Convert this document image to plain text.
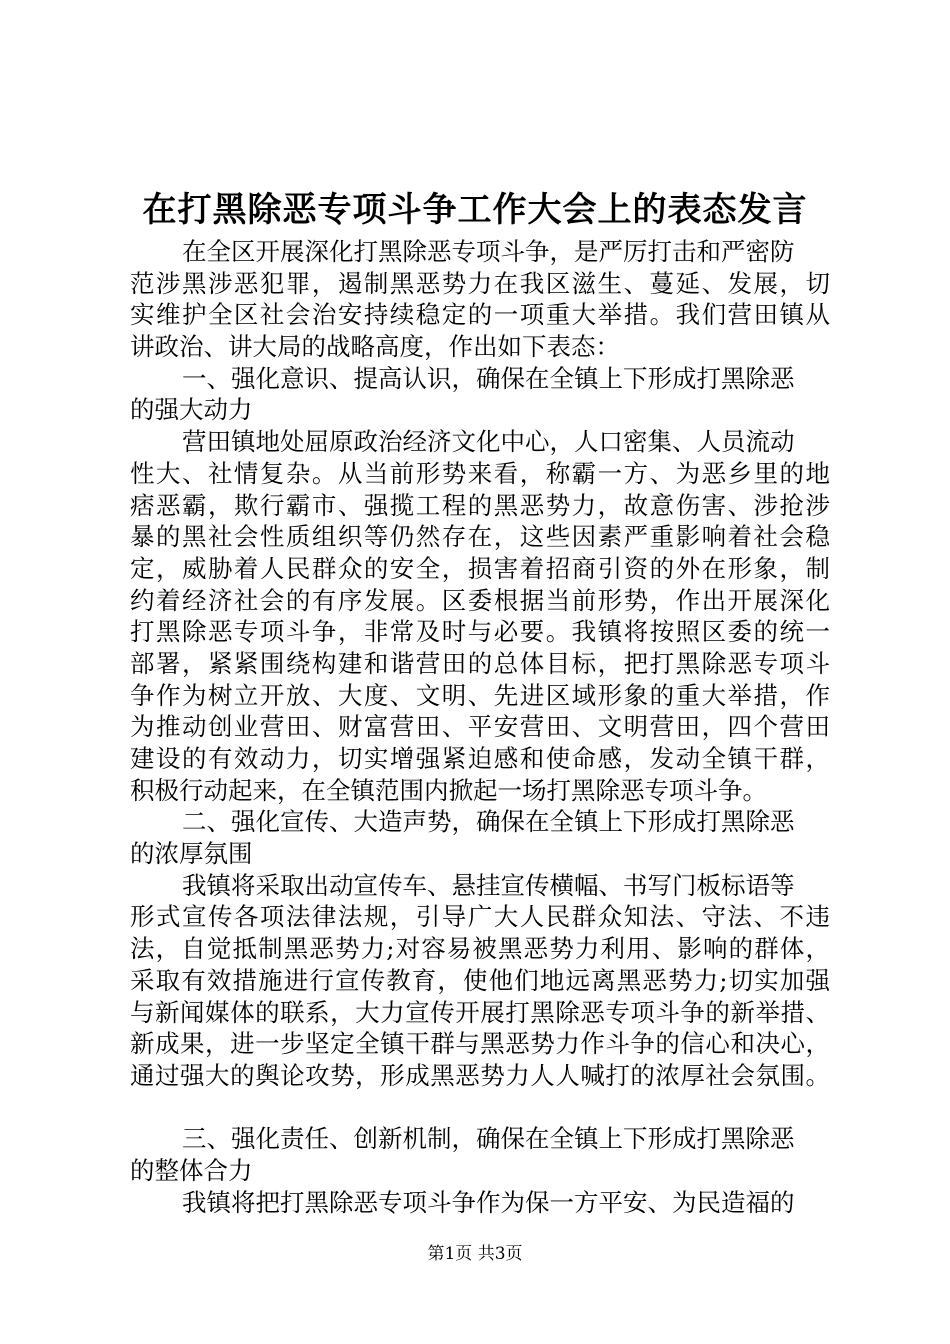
在打黑除恶专项斗争工作大会上的表态发言
在全区开展深化打黑除恶专项斗争，是严厉打击和严密防
范涉黑涉恶犯罪，遏制黑恶势力在我区滋生、蔓延、发展，切
实维护全区社会治安持续稳定的一项重大举措。我们营田镇从
讲政治、讲大局的战略高度，作出如下表态：
一、强化意识、提高认识，确保在全镇上下形成打黑除恶
的强大动力
营田镇地处屈原政治经济文化中心，人口密集、人员流动
性大、社情复杂。从当前形势来看，称霸一方、为恶乡里的地
痞恶霸，欺行霸市、强揽工程的黑恶势力，故意伤害、涉抢涉
暴的黑社会性质组织等仍然存在，这些因素严重影响着社会稳
定，威胁着人民群众的安全，损害着招商引资的外在形象，制
约着经济社会的有序发展。区委根据当前形势，作出开展深化
打黑除恶专项斗争，非常及时与必要。我镇将按照区委的统一
部署，紧紧围绕构建和谐营田的总体目标，把打黑除恶专项斗
争作为树立开放、大度、文明、先进区域形象的重大举措，作
为推动创业营田、财富营田、平安营田、文明营田，四个营田
建设的有效动力，切实增强紧迫感和使命感，发动全镇干群，
积极行动起来，在全镇范围内掀起一场打黑除恶专项斗争。
二、强化宣传、大造声势，确保在全镇上下形成打黑除恶
的浓厚氛围
我镇将采取出动宣传车、悬挂宣传横幅、书写门板标语等
形式宣传各项法律法规，引导广大人民群众知法、守法、不违
法，自觉抵制黑恶势力;对容易被黑恶势力利用、影响的群体，
采取有效措施进行宣传教育，使他们地远离黑恶势力;切实加强
与新闻媒体的联系，大力宣传开展打黑除恶专项斗争的新举措、
新成果，进一步坚定全镇干群与黑恶势力作斗争的信心和决心，
通过强大的舆论攻势，形成黑恶势力人人喊打的浓厚社会氛围。
三、强化责任、创新机制，确保在全镇上下形成打黑除恶
的整体合力
我镇将把打黑除恶专项斗争作为保一方平安、为民造福的
第1页 共3页
